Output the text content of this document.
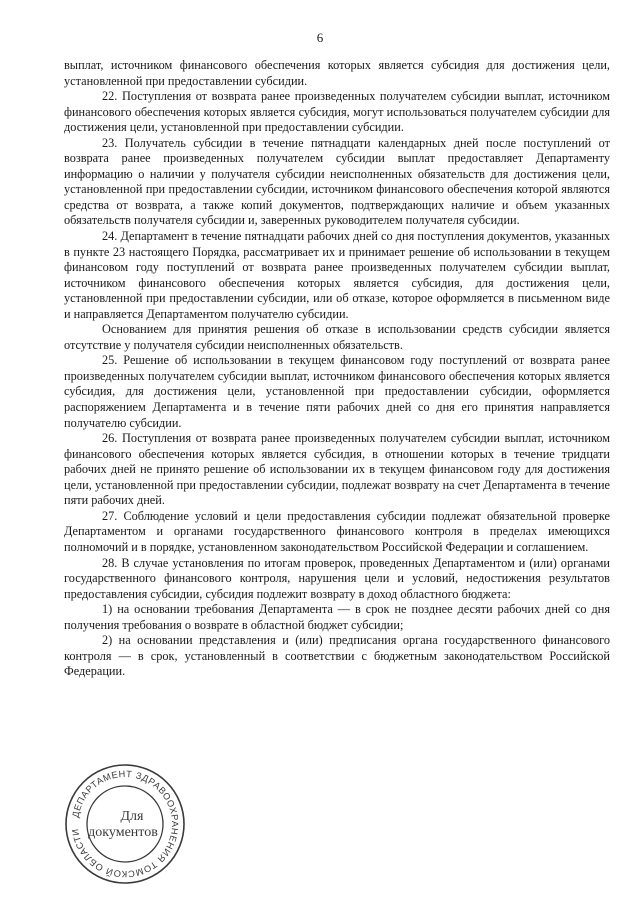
6

выплат, источником финансового обеспечения которых является субсидия для достижения цели, установленной при предоставлении субсидии.

22. Поступления от возврата ранее произведенных получателем субсидии выплат, источником финансового обеспечения которых является субсидия, могут использоваться получателем субсидии для достижения цели, установленной при предоставлении субсидии.

23. Получатель субсидии в течение пятнадцати календарных дней после поступлений от возврата ранее произведенных получателем субсидии выплат предоставляет Департаменту информацию о наличии у получателя субсидии неисполненных обязательств для достижения цели, установленной при предоставлении субсидии, источником финансового обеспечения которой являются средства от возврата, а также копий документов, подтверждающих наличие и объем указанных обязательств получателя субсидии и, заверенных руководителем получателя субсидии.

24. Департамент в течение пятнадцати рабочих дней со дня поступления документов, указанных в пункте 23 настоящего Порядка, рассматривает их и принимает решение об использовании в текущем финансовом году поступлений от возврата ранее произведенных получателем субсидии выплат, источником финансового обеспечения которых является субсидия, для достижения цели, установленной при предоставлении субсидии, или об отказе, которое оформляется в письменном виде и направляется Департаментом получателю субсидии.

Основанием для принятия решения об отказе в использовании средств субсидии является отсутствие у получателя субсидии неисполненных обязательств.

25. Решение об использовании в текущем финансовом году поступлений от возврата ранее произведенных получателем субсидии выплат, источником финансового обеспечения которых является субсидия, для достижения цели, установленной при предоставлении субсидии, оформляется распоряжением Департамента и в течение пяти рабочих дней со дня его принятия направляется получателю субсидии.

26. Поступления от возврата ранее произведенных получателем субсидии выплат, источником финансового обеспечения которых является субсидия, в отношении которых в течение тридцати рабочих дней не принято решение об использовании их в текущем финансовом году для достижения цели, установленной при предоставлении субсидии, подлежат возврату на счет Департамента в течение пяти рабочих дней.

27. Соблюдение условий и цели предоставления субсидии подлежат обязательной проверке Департаментом и органами государственного финансового контроля в пределах имеющихся полномочий и в порядке, установленном законодательством Российской Федерации и соглашением.

28. В случае установления по итогам проверок, проведенных Департаментом и (или) органами государственного финансового контроля, нарушения цели и условий, недостижения результатов предоставления субсидии, субсидия подлежит возврату в доход областного бюджета:

1) на основании требования Департамента — в срок не позднее десяти рабочих дней со дня получения требования о возврате в областной бюджет субсидии;

2) на основании представления и (или) предписания органа государственного финансового контроля — в срок, установленный в соответствии с бюджетным законодательством Российской Федерации.

ДЕПАРТАМЕНТ ЗДРАВООХРАНЕНИЯ ТОМСКОЙ ОБЛАСТИ
Для
документов
